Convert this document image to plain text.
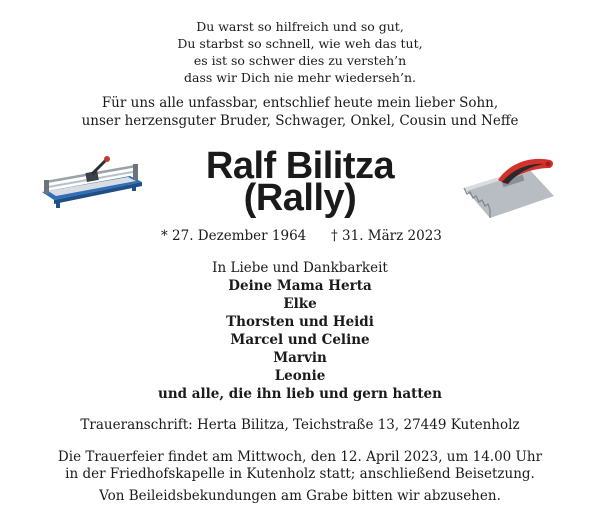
Du warst so hilfreich und so gut,
Du starbst so schnell, wie weh das tut,
es ist so schwer dies zu versteh’n
dass wir Dich nie mehr wiederseh’n.
Für uns alle unfassbar, entschlief heute mein lieber Sohn,
unser herzensguter Bruder, Schwager, Onkel, Cousin und Neffe
Ralf Bilitza
(Rally)
* 27. Dezember 1964 † 31. März 2023
In Liebe und Dankbarkeit
Deine Mama Herta
Elke
Thorsten und Heidi
Marcel und Celine
Marvin
Leonie
und alle, die ihn lieb und gern hatten
Traueranschrift: Herta Bilitza, Teichstraße 13, 27449 Kutenholz
Die Trauerfeier findet am Mittwoch, den 12. April 2023, um 14.00 Uhr
in der Friedhofskapelle in Kutenholz statt; anschließend Beisetzung.
Von Beileidsbekundungen am Grabe bitten wir abzusehen.
